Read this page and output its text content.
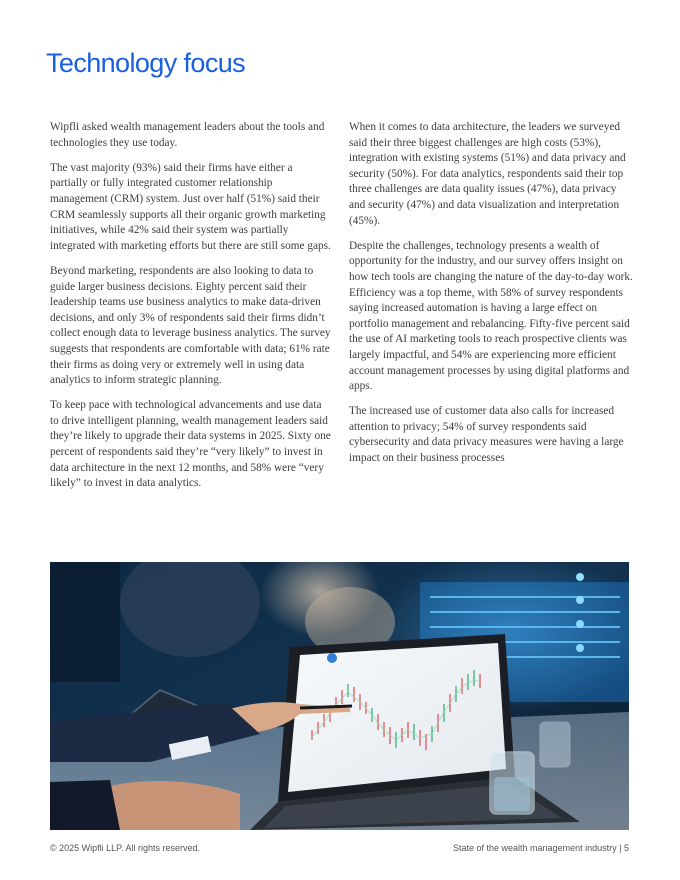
Technology focus

Wipfli asked wealth management leaders about the tools and technologies they use today.

The vast majority (93%) said their firms have either a partially or fully integrated customer relationship management (CRM) system. Just over half (51%) said their CRM seamlessly supports all their organic growth marketing initiatives, while 42% said their system was partially integrated with marketing efforts but there are still some gaps.

Beyond marketing, respondents are also looking to data to guide larger business decisions. Eighty percent said their leadership teams use business analytics to make data-driven decisions, and only 3% of respondents said their firms didn’t collect enough data to leverage business analytics. The survey suggests that respondents are comfortable with data; 61% rate their firms as doing very or extremely well in using data analytics to inform strategic planning.

To keep pace with technological advancements and use data to drive intelligent planning, wealth management leaders said they’re likely to upgrade their data systems in 2025. Sixty one percent of respondents said they’re “very likely” to invest in data architecture in the next 12 months, and 58% were “very likely” to invest in data analytics.

When it comes to data architecture, the leaders we surveyed said their three biggest challenges are high costs (53%), integration with existing systems (51%) and data privacy and security (50%). For data analytics, respondents said their top three challenges are data quality issues (47%), data privacy and security (47%) and data visualization and interpretation (45%).

Despite the challenges, technology presents a wealth of opportunity for the industry, and our survey offers insight on how tech tools are changing the nature of the day-to-day work. Efficiency was a top theme, with 58% of survey respondents saying increased automation is having a large effect on portfolio management and rebalancing. Fifty-five percent said the use of AI marketing tools to reach prospective clients was largely impactful, and 54% are experiencing more efficient account management processes by using digital platforms and apps.

The increased use of customer data also calls for increased attention to privacy; 54% of survey respondents said cybersecurity and data privacy measures were having a large impact on their business processes

© 2025 Wipfli LLP. All rights reserved.	State of the wealth management industry | 5
